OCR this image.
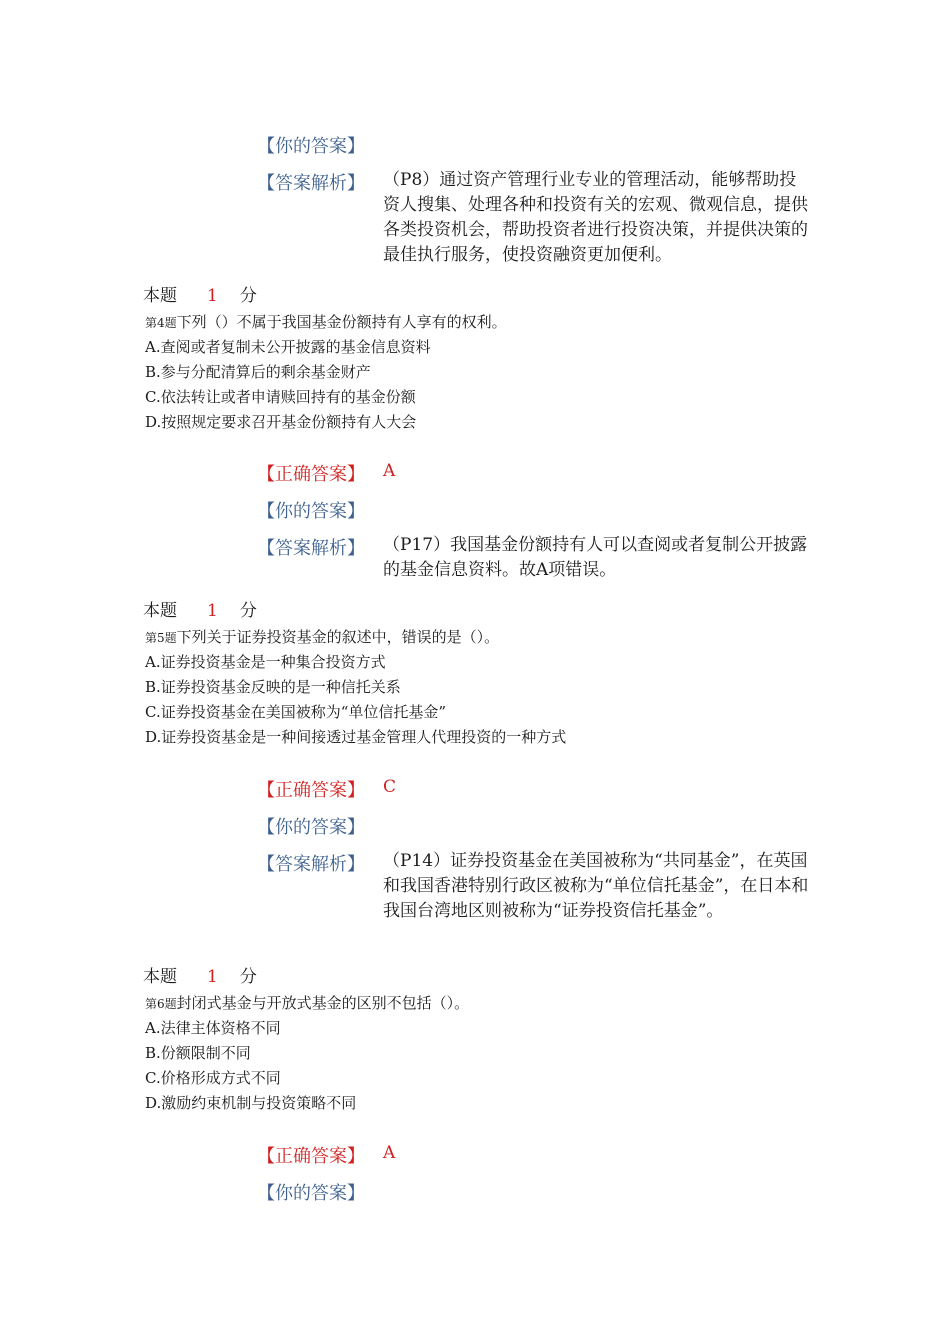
【你的答案】
【答案解析】 （P8）通过资产管理行业专业的管理活动，能够帮助投资人搜集、处理各种和投资有关的宏观、微观信息，提供各类投资机会，帮助投资者进行投资决策，并提供决策的最佳执行服务，使投资融资更加便利。
本题 1 分
第4题下列（）不属于我国基金份额持有人享有的权利。
A.查阅或者复制未公开披露的基金信息资料
B.参与分配清算后的剩余基金财产
C.依法转让或者申请赎回持有的基金份额
D.按照规定要求召开基金份额持有人大会
【正确答案】 A
【你的答案】
【答案解析】 （P17）我国基金份额持有人可以查阅或者复制公开披露的基金信息资料。故A项错误。
本题 1 分
第5题下列关于证券投资基金的叙述中，错误的是（）。
A.证券投资基金是一种集合投资方式
B.证券投资基金反映的是一种信托关系
C.证券投资基金在美国被称为“单位信托基金”
D.证券投资基金是一种间接透过基金管理人代理投资的一种方式
【正确答案】 C
【你的答案】
【答案解析】 （P14）证券投资基金在美国被称为“共同基金”，在英国和我国香港特别行政区被称为“单位信托基金”，在日本和我国台湾地区则被称为“证券投资信托基金”。
本题 1 分
第6题封闭式基金与开放式基金的区别不包括（）。
A.法律主体资格不同
B.份额限制不同
C.价格形成方式不同
D.激励约束机制与投资策略不同
【正确答案】 A
【你的答案】
